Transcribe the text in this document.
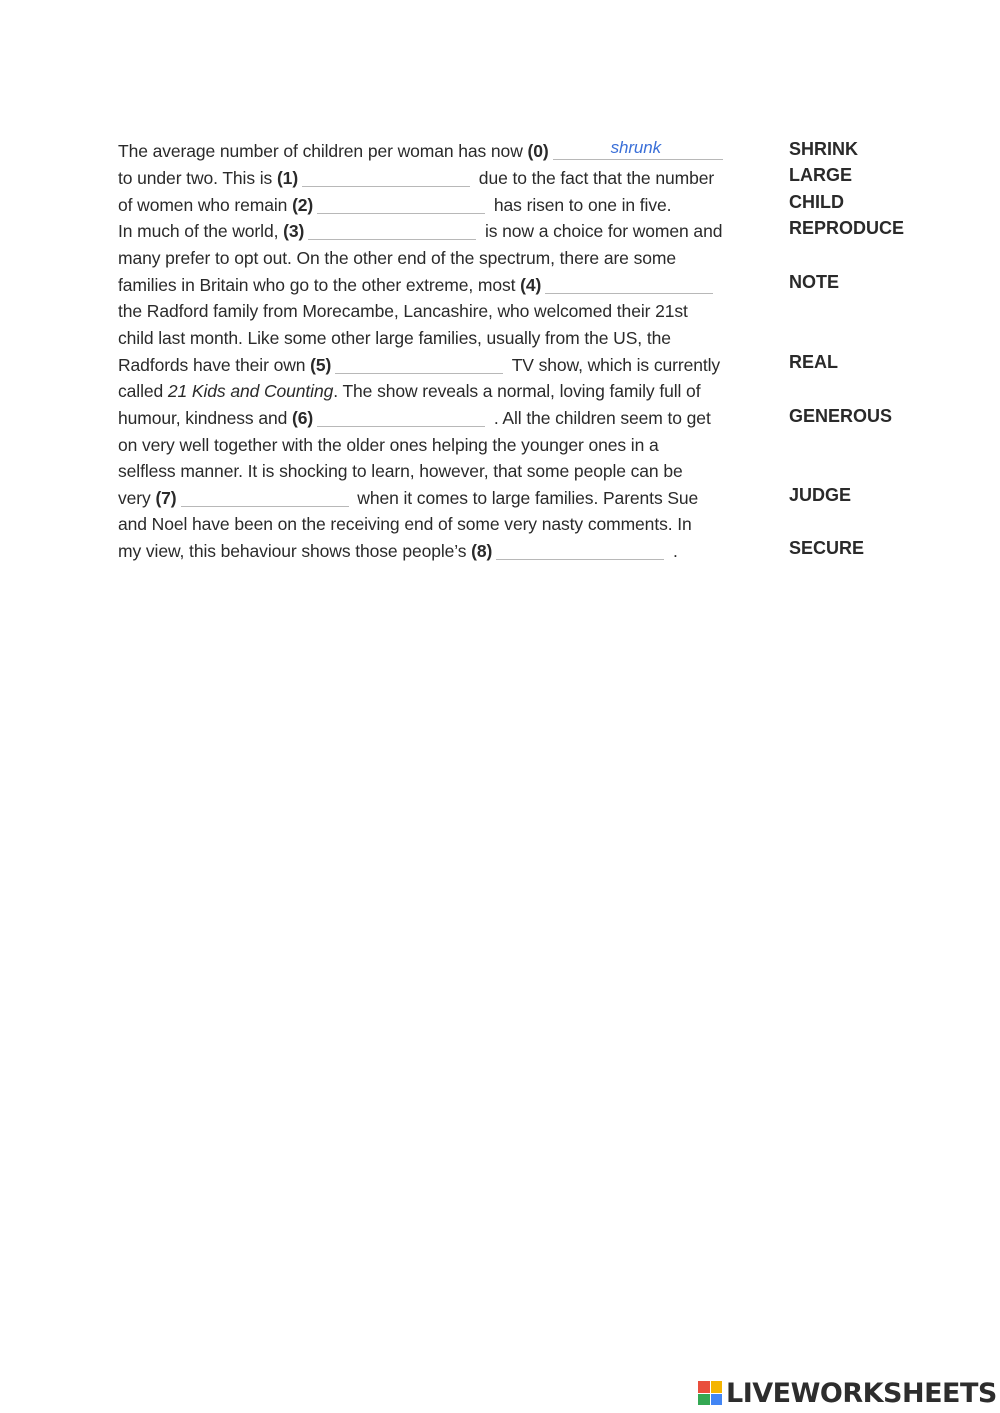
The average number of children per woman has now (0)	shrunk
to under two. This is (1)	due to the fact that the number
of women who remain (2)	has risen to one in five.
In much of the world, (3)	is now a choice for women and
many prefer to opt out. On the other end of the spectrum, there are some
families in Britain who go to the other extreme, most (4)
the Radford family from Morecambe, Lancashire, who welcomed their 21st
child last month. Like some other large families, usually from the US, the
Radfords have their own (5)	TV show, which is currently
called 21 Kids and Counting. The show reveals a normal, loving family full of
humour, kindness and (6)	. All the children seem to get
on very well together with the older ones helping the younger ones in a
selfless manner. It is shocking to learn, however, that some people can be
very (7)	when it comes to large families. Parents Sue
and Noel have been on the receiving end of some very nasty comments. In
my view, this behaviour shows those people’s (8)	.
SHRINK
LARGE
CHILD
REPRODUCE
NOTE
REAL
GENEROUS
JUDGE
SECURE
LIVEWORKSHEETS
